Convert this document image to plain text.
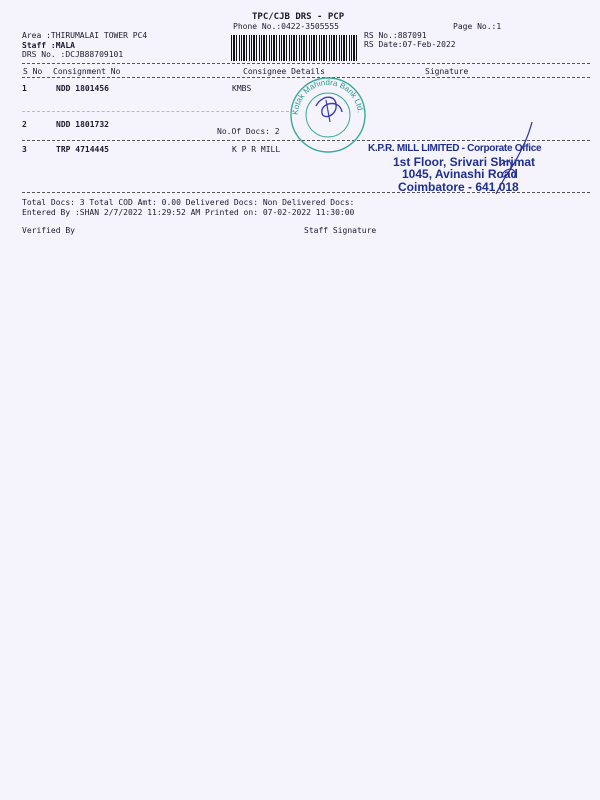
TPC/CJB DRS - PCP
Phone No.:0422-3505555	Page No.:1
Area :THIRUMALAI TOWER PC4
Staff :MALA
DRS No. :DCJB88709101
RS No.:887091
RS Date:07-Feb-2022
S No Consignment No	Consignee Details	Signature
1	NDD 1801456	KMBS
2	NDD 1801732
No.Of Docs: 2
3	TRP 4714445	K P R MILL
Kotak Mahindra Bank Ltd.
K.P.R. MILL LIMITED - Corporate Office
1st Floor, Srivari Shrimat
1045, Avinashi Road
Coimbatore - 641 018
Total Docs: 3 Total COD Amt: 0.00 Delivered Docs: Non Delivered Docs:
Entered By :SHAN 2/7/2022 11:29:52 AM Printed on: 07-02-2022 11:30:00
Verified By	Staff Signature
